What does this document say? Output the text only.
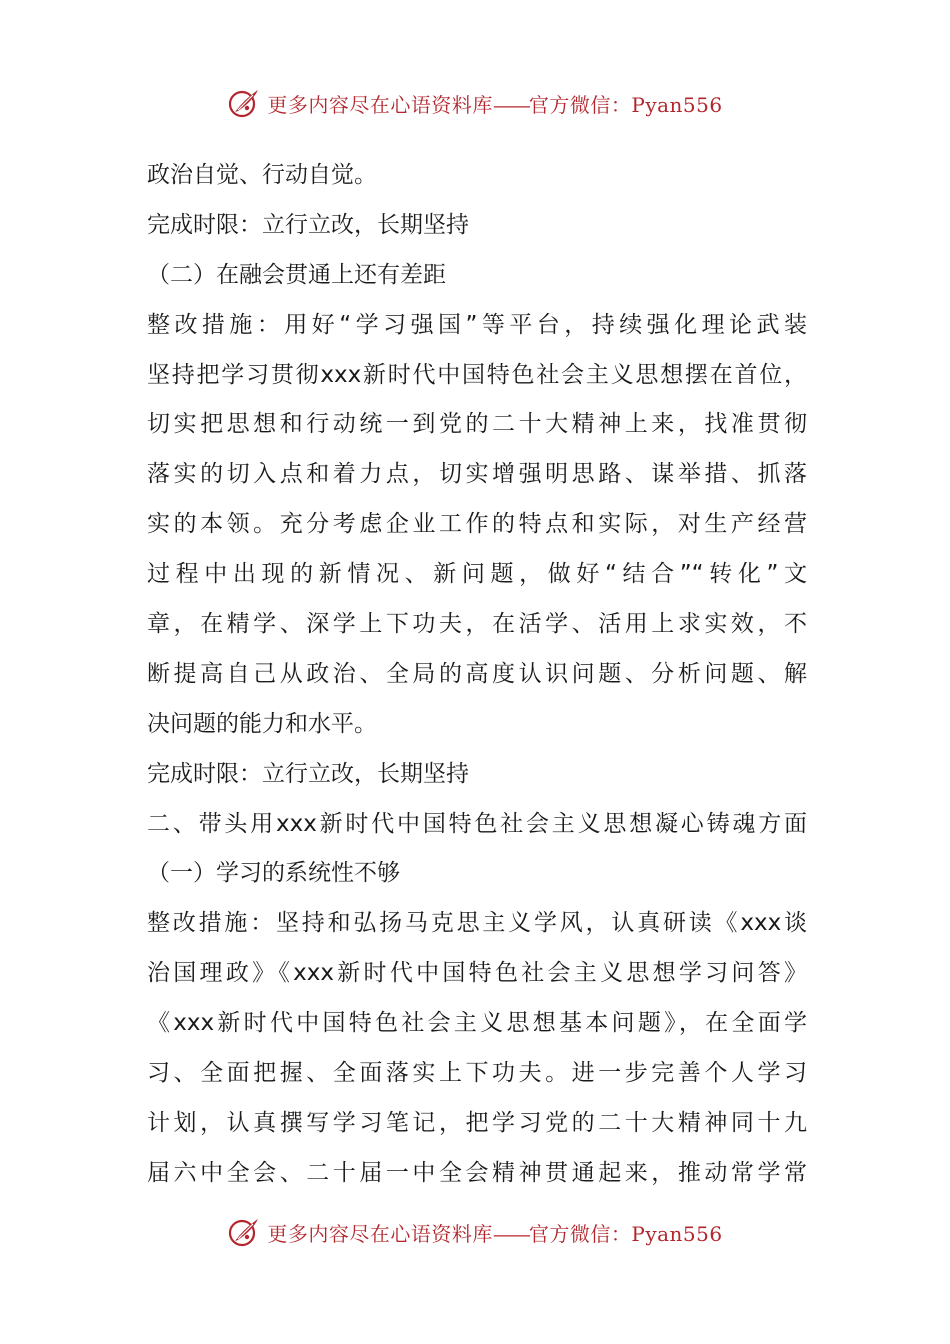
更多内容尽在心语资料库——官方微信：Pyan556
政治自觉、行动自觉。
完成时限：立行立改，长期坚持
（二）在融会贯通上还有差距
整改措施：用好“学习强国”等平台，持续强化理论武装
坚持把学习贯彻xxx新时代中国特色社会主义思想摆在首位，
切实把思想和行动统一到党的二十大精神上来，找准贯彻
落实的切入点和着力点，切实增强明思路、谋举措、抓落
实的本领。充分考虑企业工作的特点和实际，对生产经营
过程中出现的新情况、新问题，做好“结合”“转化”文
章，在精学、深学上下功夫，在活学、活用上求实效，不
断提高自己从政治、全局的高度认识问题、分析问题、解
决问题的能力和水平。
完成时限：立行立改，长期坚持
二、带头用xxx新时代中国特色社会主义思想凝心铸魂方面
（一）学习的系统性不够
整改措施：坚持和弘扬马克思主义学风，认真研读《xxx谈
治国理政》《xxx新时代中国特色社会主义思想学习问答》
《xxx新时代中国特色社会主义思想基本问题》，在全面学
习、全面把握、全面落实上下功夫。进一步完善个人学习
计划，认真撰写学习笔记，把学习党的二十大精神同十九
届六中全会、二十届一中全会精神贯通起来，推动常学常
更多内容尽在心语资料库——官方微信：Pyan556
